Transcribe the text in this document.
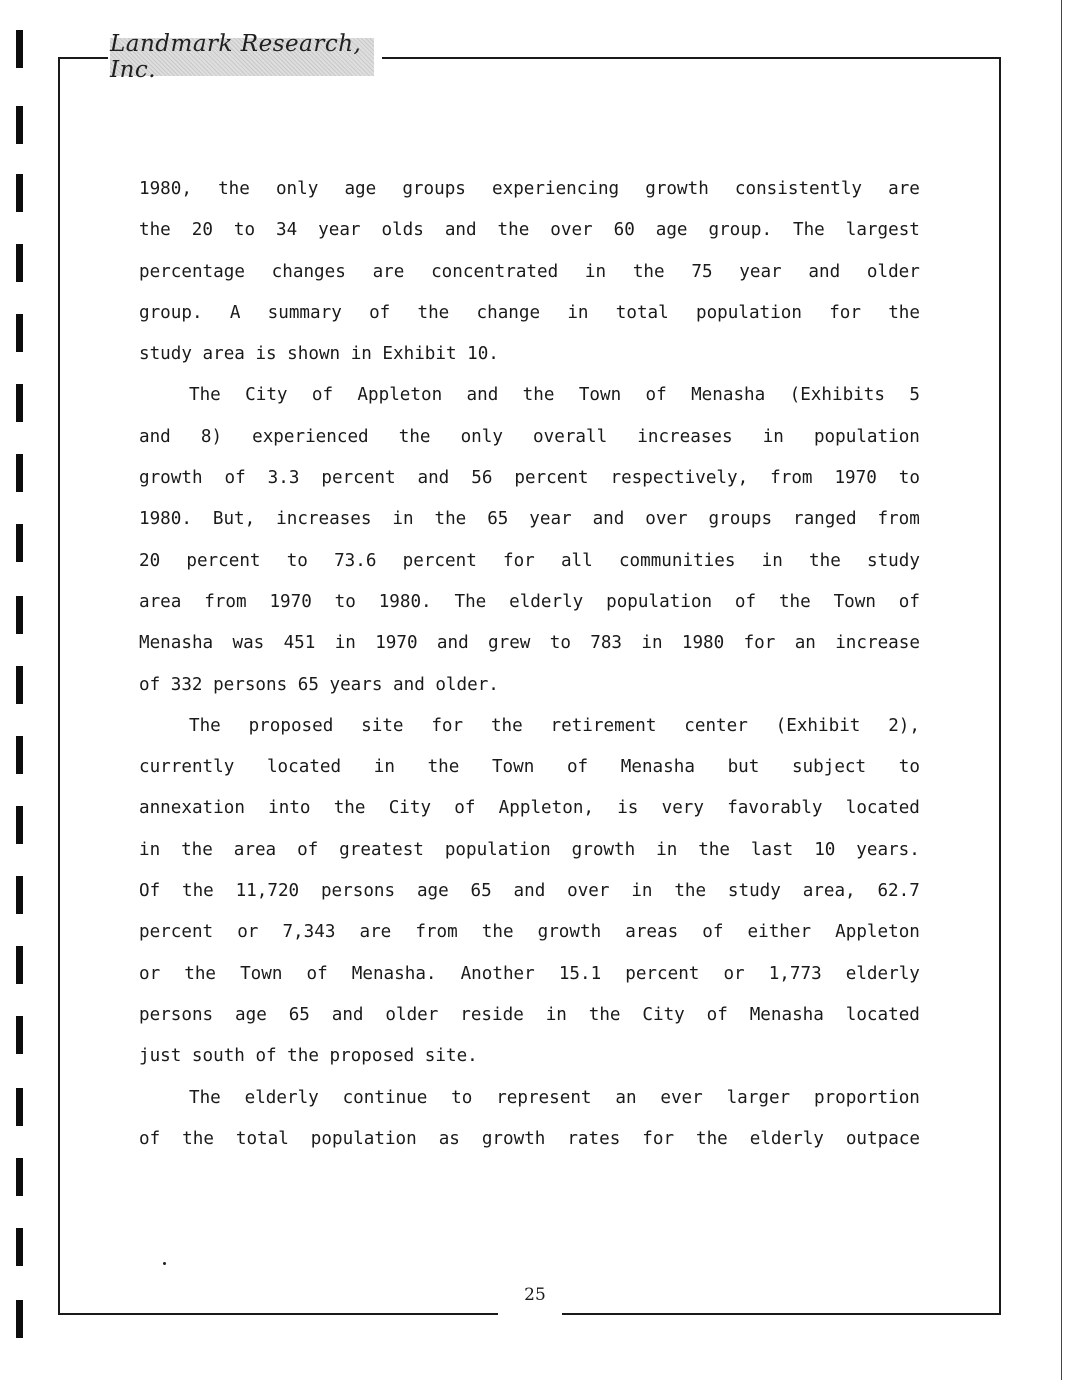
Landmark Research, Inc.
1980, the only age groups experiencing growth consistently are
the 20 to 34 year olds and the over 60 age group. The largest
percentage changes are concentrated in the 75 year and older
group. A summary of the change in total population for the
study area is shown in Exhibit 10.
The City of Appleton and the Town of Menasha (Exhibits 5
and 8) experienced the only overall increases in population
growth of 3.3 percent and 56 percent respectively, from 1970 to
1980. But, increases in the 65 year and over groups ranged from
20 percent to 73.6 percent for all communities in the study
area from 1970 to 1980. The elderly population of the Town of
Menasha was 451 in 1970 and grew to 783 in 1980 for an increase
of 332 persons 65 years and older.
The proposed site for the retirement center (Exhibit 2),
currently located in the Town of Menasha but subject to
annexation into the City of Appleton, is very favorably located
in the area of greatest population growth in the last 10 years.
Of the 11,720 persons age 65 and over in the study area, 62.7
percent or 7,343 are from the growth areas of either Appleton
or the Town of Menasha. Another 15.1 percent or 1,773 elderly
persons age 65 and older reside in the City of Menasha located
just south of the proposed site.
The elderly continue to represent an ever larger proportion
of the total population as growth rates for the elderly outpace
25
